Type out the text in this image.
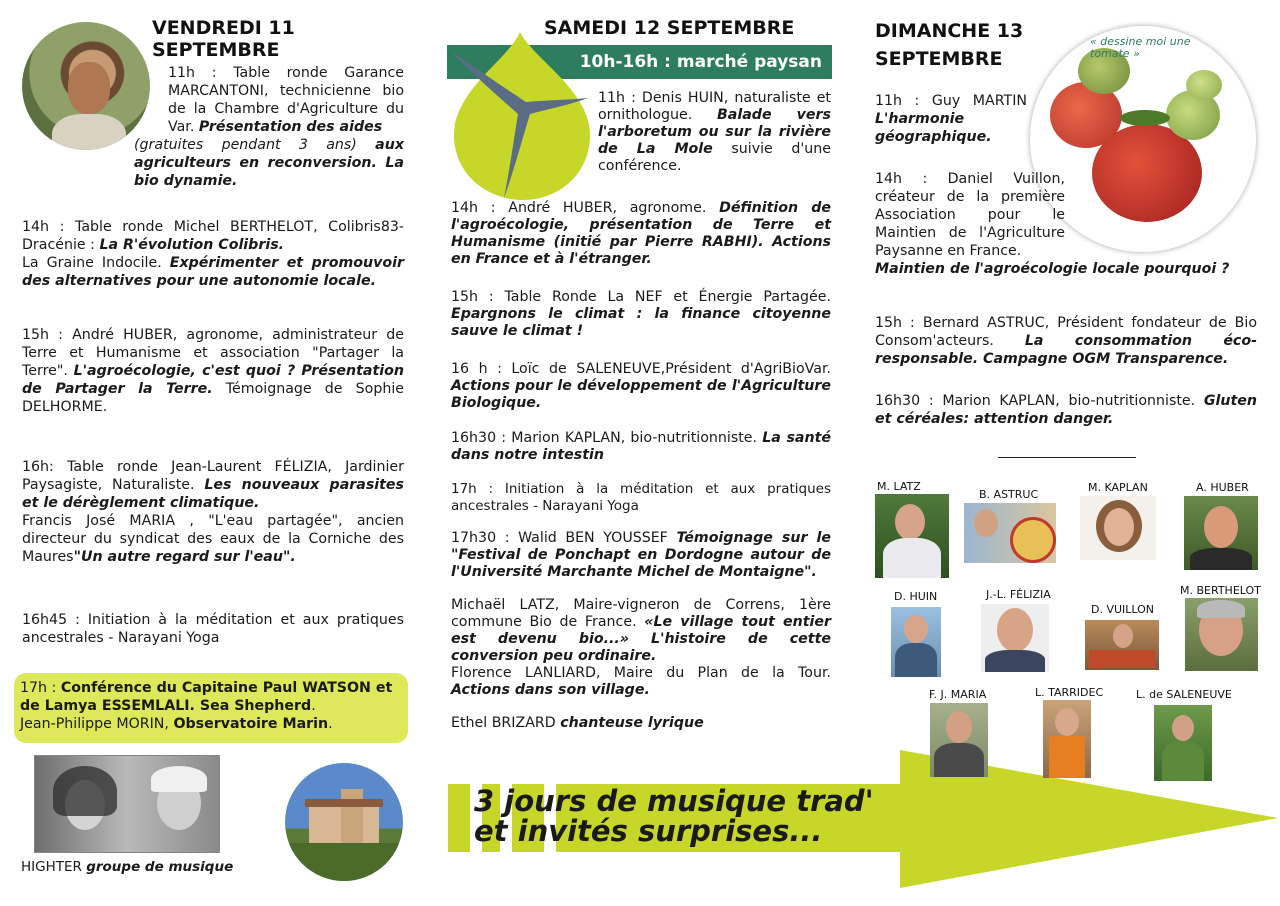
VENDREDI 11 SEPTEMBRE
11h : Table ronde Garance MARCANTONI, technicienne bio de la Chambre d'Agriculture du Var. Présentation des aides
(gratuites pendant 3 ans) aux agriculteurs en reconversion. La bio dynamie.
14h : Table ronde Michel BERTHELOT, Colibris83-Dracénie : La R'évolution Colibris.
La Graine Indocile. Expérimenter et promouvoir des alternatives pour une autonomie locale.
15h : André HUBER, agronome, administrateur de Terre et Humanisme et association "Partager la Terre". L'agroécologie, c'est quoi ? Présentation de Partager la Terre. Témoignage de Sophie DELHORME.
16h: Table ronde Jean-Laurent FÉLIZIA, Jardinier Paysagiste, Naturaliste. Les nouveaux parasites et le dérèglement climatique.
Francis José MARIA , "L'eau partagée", ancien directeur du syndicat des eaux de la Corniche des Maures"Un autre regard sur l'eau".
16h45 : Initiation à la méditation et aux pratiques ancestrales - Narayani Yoga
17h : Conférence du Capitaine Paul WATSON et de Lamya ESSEMLALI. Sea Shepherd.
Jean-Philippe MORIN, Observatoire Marin.
HIGHTER groupe de musique
SAMEDI 12 SEPTEMBRE
10h-16h : marché paysan
11h : Denis HUIN, naturaliste et ornithologue. Balade vers l'arboretum ou sur la rivière de La Mole suivie d'une conférence.
14h : André HUBER, agronome. Définition de l'agroécologie, présentation de Terre et Humanisme (initié par Pierre RABHI). Actions en France et à l'étranger.
15h : Table Ronde La NEF et Énergie Partagée. Epargnons le climat : la finance citoyenne sauve le climat !
16 h : Loïc de SALENEUVE,Président d'AgriBioVar. Actions pour le développement de l'Agriculture Biologique.
16h30 : Marion KAPLAN, bio-nutritionniste. La santé dans notre intestin
17h : Initiation à la méditation et aux pratiques ancestrales - Narayani Yoga
17h30 : Walid BEN YOUSSEF Témoignage sur le "Festival de Ponchapt en Dordogne autour de l'Université Marchante Michel de Montaigne".
Michaël LATZ, Maire-vigneron de Correns, 1ère commune Bio de France. «Le village tout entier est devenu bio...» L'histoire de cette conversion peu ordinaire.
Florence LANLIARD, Maire du Plan de la Tour. Actions dans son village.
Ethel BRIZARD chanteuse lyrique
3 jours de musique trad'
et invités surprises...
DIMANCHE 13
SEPTEMBRE
« dessine moi une tomate »
11h : Guy MARTIN L'harmonie géographique.
14h : Daniel Vuillon, créateur de la première Association pour le Maintien de l'Agriculture Paysanne en France.
Maintien de l'agroécologie locale pourquoi ?
15h : Bernard ASTRUC, Président fondateur de Bio Consom'acteurs. La consommation éco-responsable. Campagne OGM Transparence.
16h30 : Marion KAPLAN, bio-nutritionniste. Gluten et céréales: attention danger.
M. LATZ
B. ASTRUC
M. KAPLAN	A. HUBER
D. HUIN	J.-L. FÉLIZIA
D. VUILLON
M. BERTHELOT
F. J. MARIA	L. TARRIDEC	L. de SALENEUVE
